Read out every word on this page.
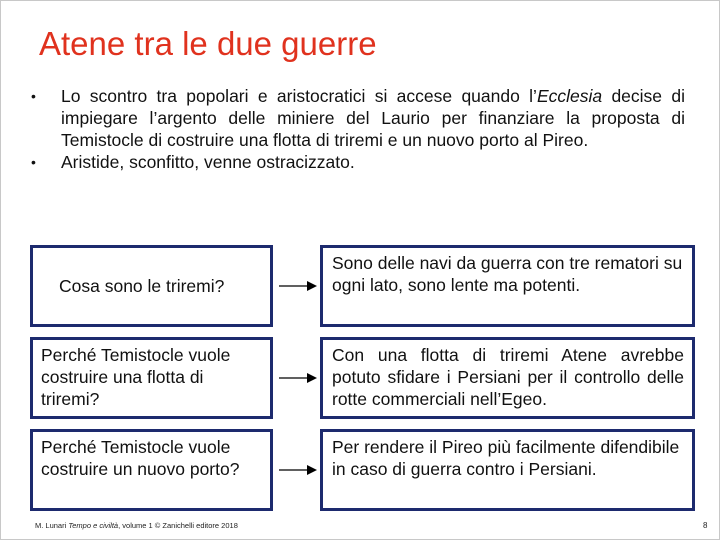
Atene tra le due guerre
• Lo scontro tra popolari e aristocratici si accese quando l’Ecclesia decise di impiegare l’argento delle miniere del Laurio per finanziare la proposta di Temistocle di costruire una flotta di triremi e un nuovo porto al Pireo.
• Aristide, sconfitto, venne ostracizzato.
Cosa sono le triremi?
Sono delle navi da guerra con tre rematori su ogni lato, sono lente ma potenti.
Perché Temistocle vuole costruire una flotta di triremi?
Con una flotta di triremi Atene avrebbe potuto sfidare i Persiani per il controllo delle rotte commerciali nell’Egeo.
Perché Temistocle vuole costruire un nuovo porto?
Per rendere il Pireo più facilmente difendibile in caso di guerra contro i Persiani.
M. Lunari Tempo e civiltà, volume 1 © Zanichelli editore 2018	8
